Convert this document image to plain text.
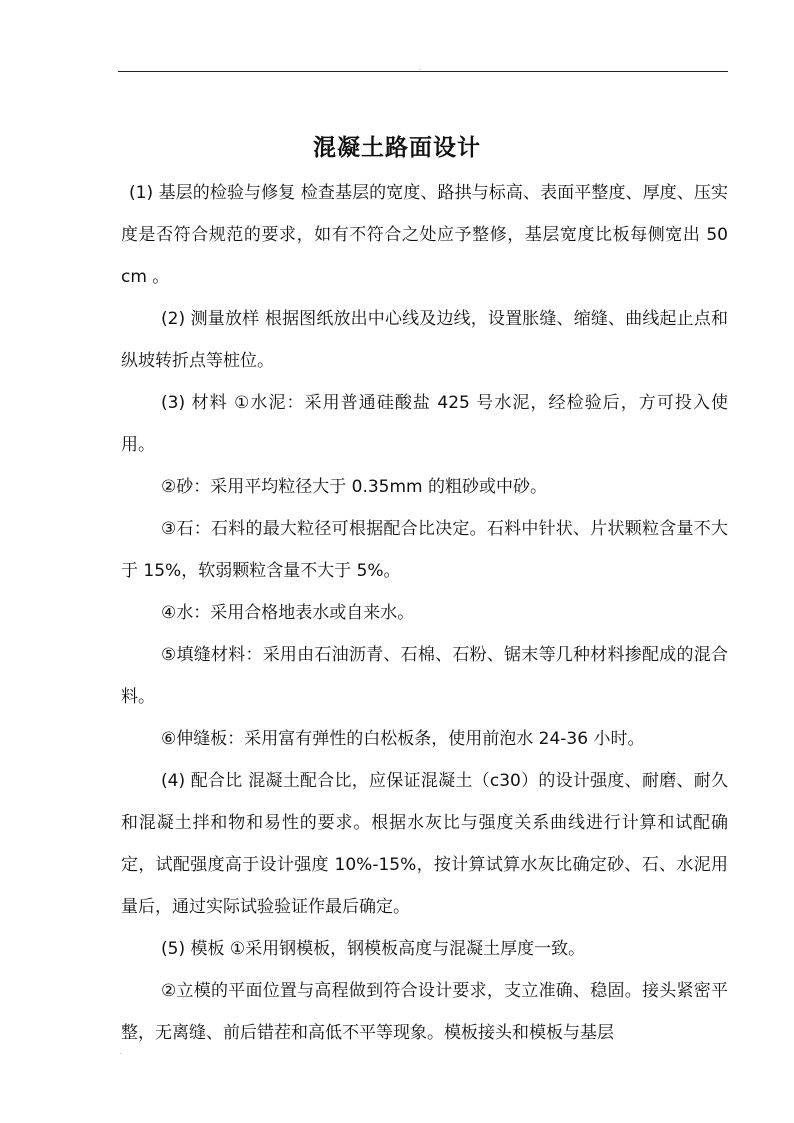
.
混凝土路面设计

(1) 基层的检验与修复 检查基层的宽度、路拱与标高、表面平整度、厚度、压实度是否符合规范的要求，如有不符合之处应予整修，基层宽度比板每侧宽出 50 cm 。

(2) 测量放样 根据图纸放出中心线及边线，设置胀缝、缩缝、曲线起止点和纵坡转折点等桩位。

(3) 材料 ①水泥：采用普通硅酸盐 425 号水泥，经检验后，方可投入使用。

②砂：采用平均粒径大于 0.35mm 的粗砂或中砂。

③石：石料的最大粒径可根据配合比决定。石料中针状、片状颗粒含量不大于 15%，软弱颗粒含量不大于 5%。

④水：采用合格地表水或自来水。

⑤填缝材料：采用由石油沥青、石棉、石粉、锯末等几种材料掺配成的混合料。

⑥伸缝板：采用富有弹性的白松板条，使用前泡水 24-36 小时。

(4) 配合比 混凝土配合比，应保证混凝土（c30）的设计强度、耐磨、耐久和混凝土拌和物和易性的要求。根据水灰比与强度关系曲线进行计算和试配确定，试配强度高于设计强度 10%-15%，按计算试算水灰比确定砂、石、水泥用量后，通过实际试验验证作最后确定。

(5) 模板 ①采用钢模板，钢模板高度与混凝土厚度一致。

②立模的平面位置与高程做到符合设计要求，支立准确、稳固。接头紧密平整，无离缝、前后错茬和高低不平等现象。模板接头和模板与基层

.
